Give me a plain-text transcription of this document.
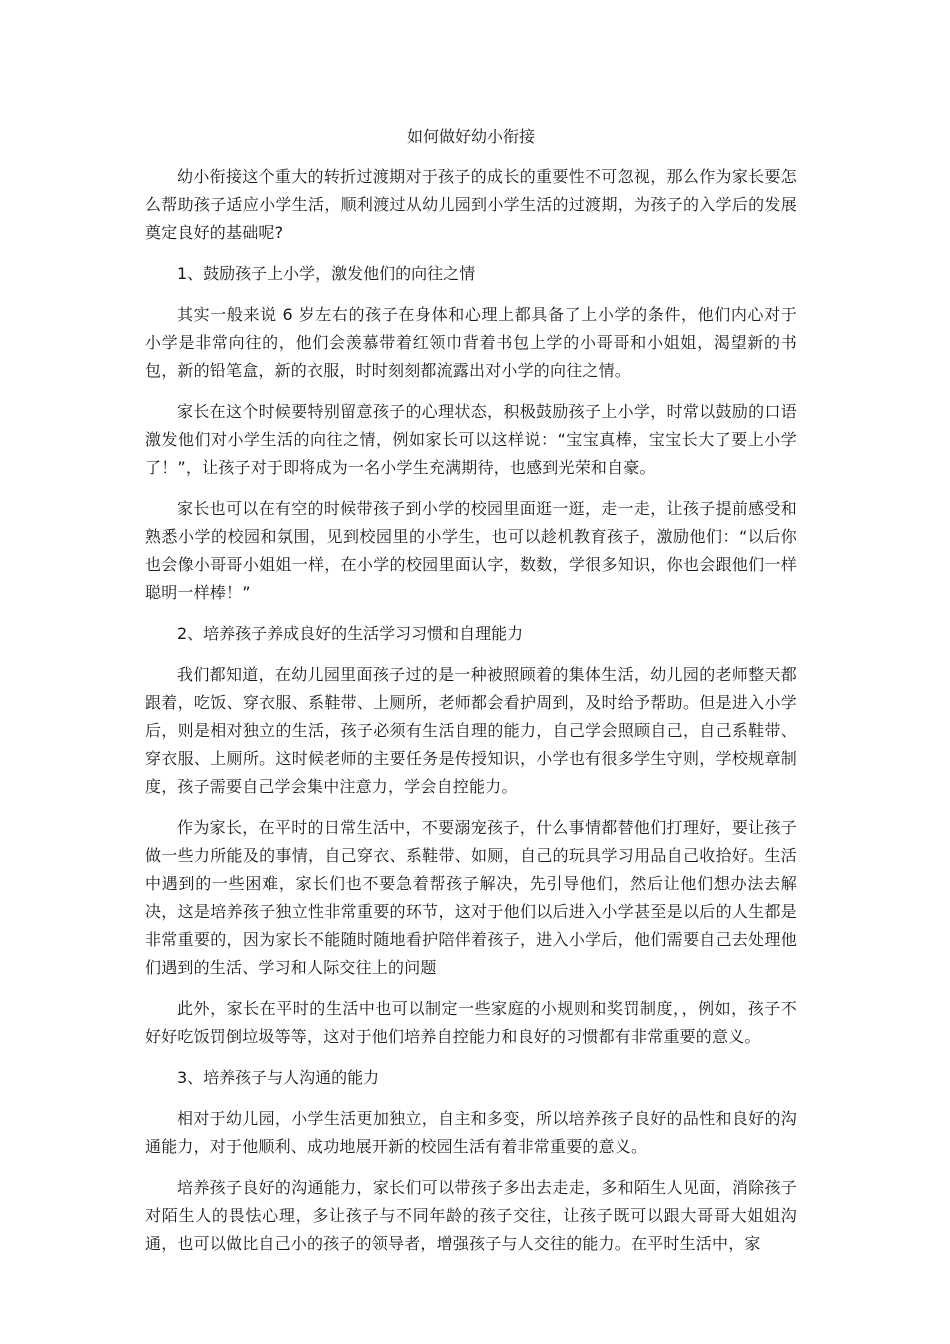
如何做好幼小衔接

幼小衔接这个重大的转折过渡期对于孩子的成长的重要性不可忽视，那么作为家长要怎么帮助孩子适应小学生活，顺利渡过从幼儿园到小学生活的过渡期，为孩子的入学后的发展奠定良好的基础呢?

1、鼓励孩子上小学，激发他们的向往之情

其实一般来说 6 岁左右的孩子在身体和心理上都具备了上小学的条件，他们内心对于小学是非常向往的，他们会羡慕带着红领巾背着书包上学的小哥哥和小姐姐，渴望新的书包，新的铅笔盒，新的衣服，时时刻刻都流露出对小学的向往之情。

家长在这个时候要特别留意孩子的心理状态，积极鼓励孩子上小学，时常以鼓励的口语激发他们对小学生活的向往之情，例如家长可以这样说：“宝宝真棒，宝宝长大了要上小学了！”，让孩子对于即将成为一名小学生充满期待，也感到光荣和自豪。

家长也可以在有空的时候带孩子到小学的校园里面逛一逛，走一走，让孩子提前感受和熟悉小学的校园和氛围，见到校园里的小学生，也可以趁机教育孩子，激励他们：“以后你也会像小哥哥小姐姐一样，在小学的校园里面认字，数数，学很多知识，你也会跟他们一样聪明一样棒！”

2、培养孩子养成良好的生活学习习惯和自理能力

我们都知道，在幼儿园里面孩子过的是一种被照顾着的集体生活，幼儿园的老师整天都跟着，吃饭、穿衣服、系鞋带、上厕所，老师都会看护周到，及时给予帮助。但是进入小学后，则是相对独立的生活，孩子必须有生活自理的能力，自己学会照顾自己，自己系鞋带、穿衣服、上厕所。这时候老师的主要任务是传授知识，小学也有很多学生守则，学校规章制度，孩子需要自己学会集中注意力，学会自控能力。

作为家长，在平时的日常生活中，不要溺宠孩子，什么事情都替他们打理好，要让孩子做一些力所能及的事情，自己穿衣、系鞋带、如厕，自己的玩具学习用品自己收拾好。生活中遇到的一些困难，家长们也不要急着帮孩子解决，先引导他们，然后让他们想办法去解决，这是培养孩子独立性非常重要的环节，这对于他们以后进入小学甚至是以后的人生都是非常重要的，因为家长不能随时随地看护陪伴着孩子，进入小学后，他们需要自己去处理他们遇到的生活、学习和人际交往上的问题

此外，家长在平时的生活中也可以制定一些家庭的小规则和奖罚制度，，例如，孩子不好好吃饭罚倒垃圾等等，这对于他们培养自控能力和良好的习惯都有非常重要的意义。

3、培养孩子与人沟通的能力

相对于幼儿园，小学生活更加独立，自主和多变，所以培养孩子良好的品性和良好的沟通能力，对于他顺利、成功地展开新的校园生活有着非常重要的意义。

培养孩子良好的沟通能力，家长们可以带孩子多出去走走，多和陌生人见面，消除孩子对陌生人的畏怯心理，多让孩子与不同年龄的孩子交往，让孩子既可以跟大哥哥大姐姐沟通，也可以做比自己小的孩子的领导者，增强孩子与人交往的能力。在平时生活中，家
